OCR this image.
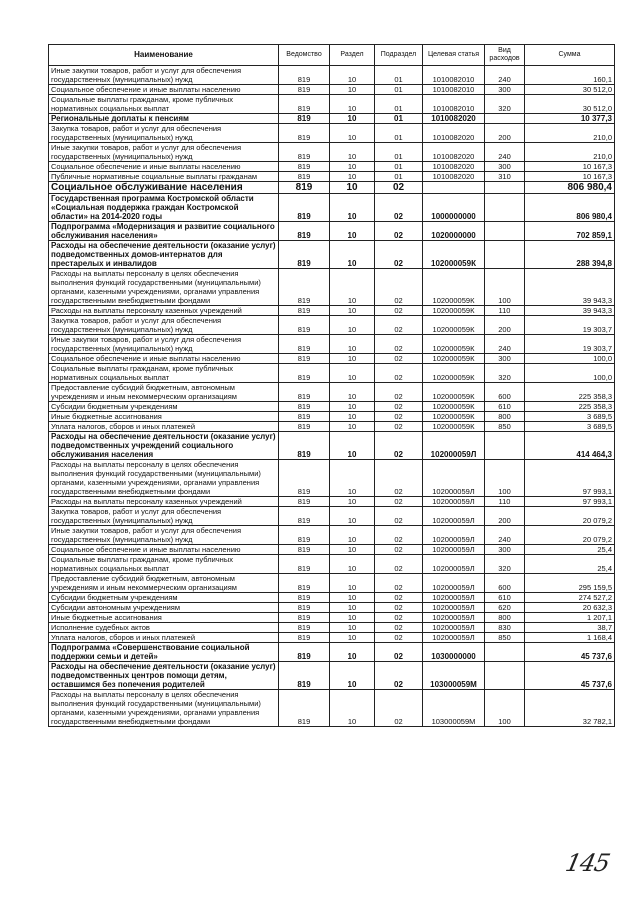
Наименование	Ведомство	Раздел	Подраздел	Целевая статья	Вид расходов	Сумма
Иные закупки товаров, работ и услуг для обеспечения государственных (муниципальных) нужд	819	10	01	1010082010	240	160,1
Социальное обеспечение и иные выплаты населению	819	10	01	1010082010	300	30 512,0
Социальные выплаты гражданам, кроме публичных нормативных социальных выплат	819	10	01	1010082010	320	30 512,0
Региональные доплаты к пенсиям	819	10	01	1010082020		10 377,3
Закупка товаров, работ и услуг для обеспечения государственных (муниципальных) нужд	819	10	01	1010082020	200	210,0
Иные закупки товаров, работ и услуг для обеспечения государственных (муниципальных) нужд	819	10	01	1010082020	240	210,0
Социальное обеспечение и иные выплаты населению	819	10	01	1010082020	300	10 167,3
Публичные нормативные социальные выплаты гражданам	819	10	01	1010082020	310	10 167,3
Социальное обслуживание населения	819	10	02			806 980,4
Государственная программа Костромской области «Социальная поддержка граждан Костромской области» на 2014-2020 годы	819	10	02	1000000000		806 980,4
Подпрограмма «Модернизация и развитие социального обслуживания населения»	819	10	02	1020000000		702 859,1
Расходы на обеспечение деятельности (оказание услуг) подведомственных домов-интернатов для престарелых и инвалидов	819	10	02	102000059К		288 394,8
Расходы на выплаты персоналу в целях обеспечения выполнения функций государственными (муниципальными) органами, казенными учреждениями, органами управления государственными внебюджетными фондами	819	10	02	102000059К	100	39 943,3
Расходы на выплаты персоналу казенных учреждений	819	10	02	102000059К	110	39 943,3
Закупка товаров, работ и услуг для обеспечения государственных (муниципальных) нужд	819	10	02	102000059К	200	19 303,7
Иные закупки товаров, работ и услуг для обеспечения государственных (муниципальных) нужд	819	10	02	102000059К	240	19 303,7
Социальное обеспечение и иные выплаты населению	819	10	02	102000059К	300	100,0
Социальные выплаты гражданам, кроме публичных нормативных социальных выплат	819	10	02	102000059К	320	100,0
Предоставление субсидий бюджетным, автономным учреждениям и иным некоммерческим организациям	819	10	02	102000059К	600	225 358,3
Субсидии бюджетным учреждениям	819	10	02	102000059К	610	225 358,3
Иные бюджетные ассигнования	819	10	02	102000059К	800	3 689,5
Уплата налогов, сборов и иных платежей	819	10	02	102000059К	850	3 689,5
Расходы на обеспечение деятельности (оказание услуг) подведомственных учреждений социального обслуживания населения	819	10	02	102000059Л		414 464,3
Расходы на выплаты персоналу в целях обеспечения выполнения функций государственными (муниципальными) органами, казенными учреждениями, органами управления государственными внебюджетными фондами	819	10	02	102000059Л	100	97 993,1
Расходы на выплаты персоналу казенных учреждений	819	10	02	102000059Л	110	97 993,1
Закупка товаров, работ и услуг для обеспечения государственных (муниципальных) нужд	819	10	02	102000059Л	200	20 079,2
Иные закупки товаров, работ и услуг для обеспечения государственных (муниципальных) нужд	819	10	02	102000059Л	240	20 079,2
Социальное обеспечение и иные выплаты населению	819	10	02	102000059Л	300	25,4
Социальные выплаты гражданам, кроме публичных нормативных социальных выплат	819	10	02	102000059Л	320	25,4
Предоставление субсидий бюджетным, автономным учреждениям и иным некоммерческим организациям	819	10	02	102000059Л	600	295 159,5
Субсидии бюджетным учреждениям	819	10	02	102000059Л	610	274 527,2
Субсидии автономным учреждениям	819	10	02	102000059Л	620	20 632,3
Иные бюджетные ассигнования	819	10	02	102000059Л	800	1 207,1
Исполнение судебных актов	819	10	02	102000059Л	830	38,7
Уплата налогов, сборов и иных платежей	819	10	02	102000059Л	850	1 168,4
Подпрограмма «Совершенствование социальной поддержки семьи и детей»	819	10	02	1030000000		45 737,6
Расходы на обеспечение деятельности (оказание услуг) подведомственных центров помощи детям, оставшимся без попечения родителей	819	10	02	103000059М		45 737,6
Расходы на выплаты персоналу в целях обеспечения выполнения функций государственными (муниципальными) органами, казенными учреждениями, органами управления государственными внебюджетными фондами	819	10	02	103000059М	100	32 782,1
145
